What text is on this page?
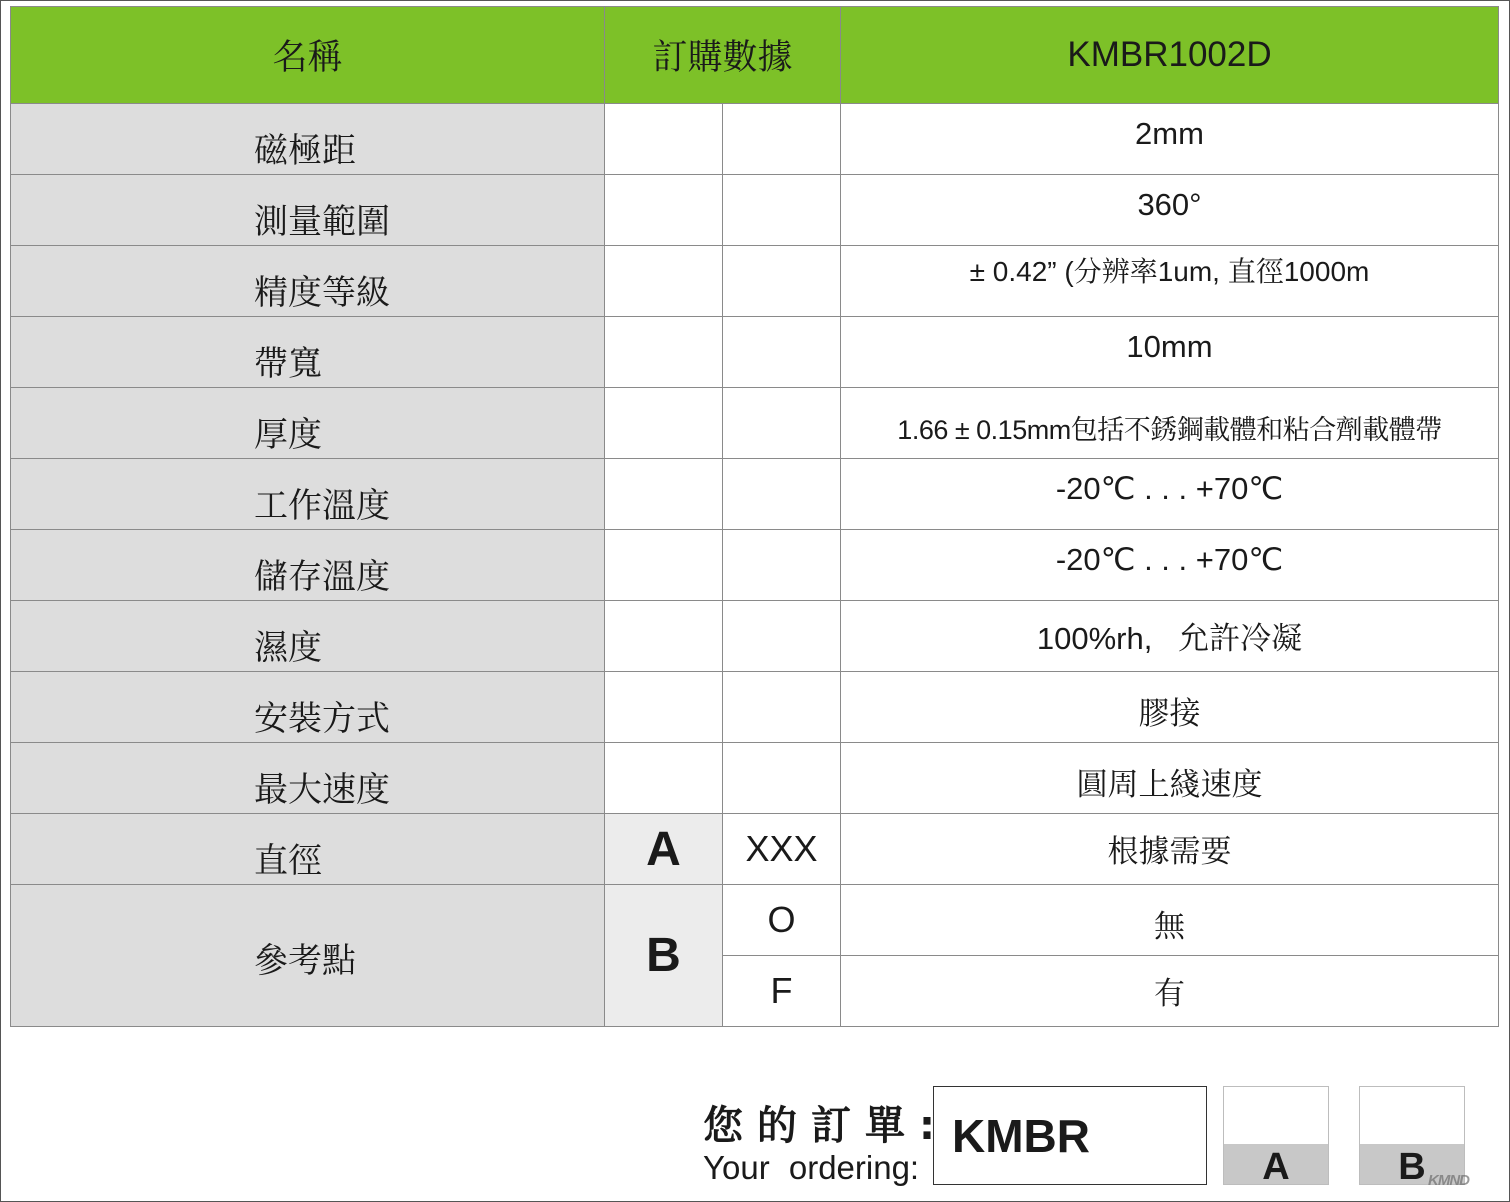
名稱	訂購數據		KMBR1002D
磁極距			2mm
測量範圍			360°
精度等級			± 0.42” (分辨率1um, 直徑1000m
帶寬			10mm
厚度			1.66 ± 0.15mm包括不銹鋼載體和粘合劑載體帶
工作溫度			-20℃ . . . +70℃
儲存溫度			-20℃ . . . +70℃
濕度			100%rh,   允許冷凝
安裝方式			膠接
最大速度			圓周上綫速度
直徑	A	XXX	根據需要
參考點	B	O	無
		F	有
您的訂單:
Your ordering:
KMBR
A	B KMND
